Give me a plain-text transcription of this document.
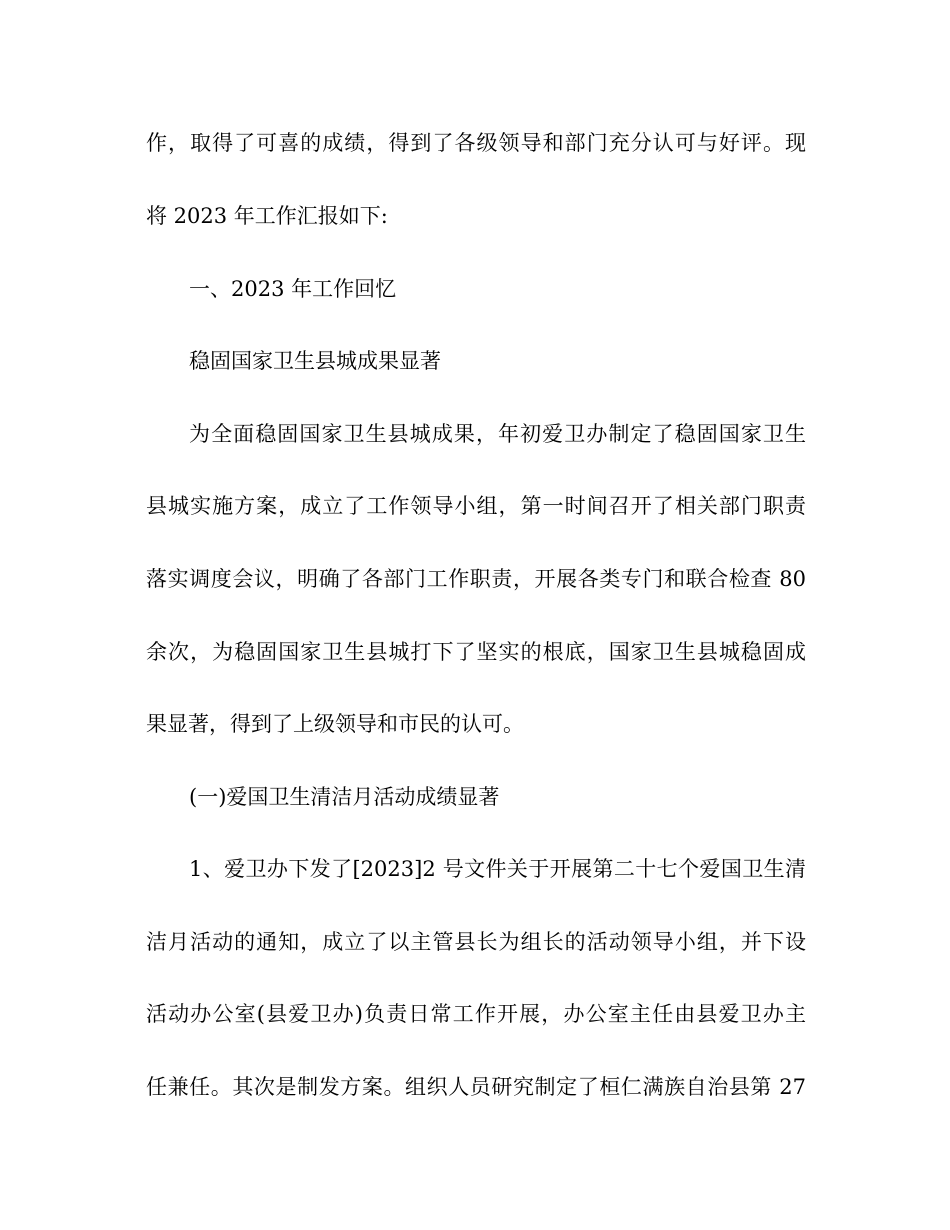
作，取得了可喜的成绩，得到了各级领导和部门充分认可与好评。现
将 2023 年工作汇报如下:
一、2023 年工作回忆
稳固国家卫生县城成果显著
为全面稳固国家卫生县城成果，年初爱卫办制定了稳固国家卫生
县城实施方案，成立了工作领导小组，第一时间召开了相关部门职责
落实调度会议，明确了各部门工作职责，开展各类专门和联合检查 80
余次，为稳固国家卫生县城打下了坚实的根底，国家卫生县城稳固成
果显著，得到了上级领导和市民的认可。
(一)爱国卫生清洁月活动成绩显著
1、爱卫办下发了[2023]2 号文件关于开展第二十七个爱国卫生清
洁月活动的通知，成立了以主管县长为组长的活动领导小组，并下设
活动办公室(县爱卫办)负责日常工作开展，办公室主任由县爱卫办主
任兼任。其次是制发方案。组织人员研究制定了桓仁满族自治县第 27
